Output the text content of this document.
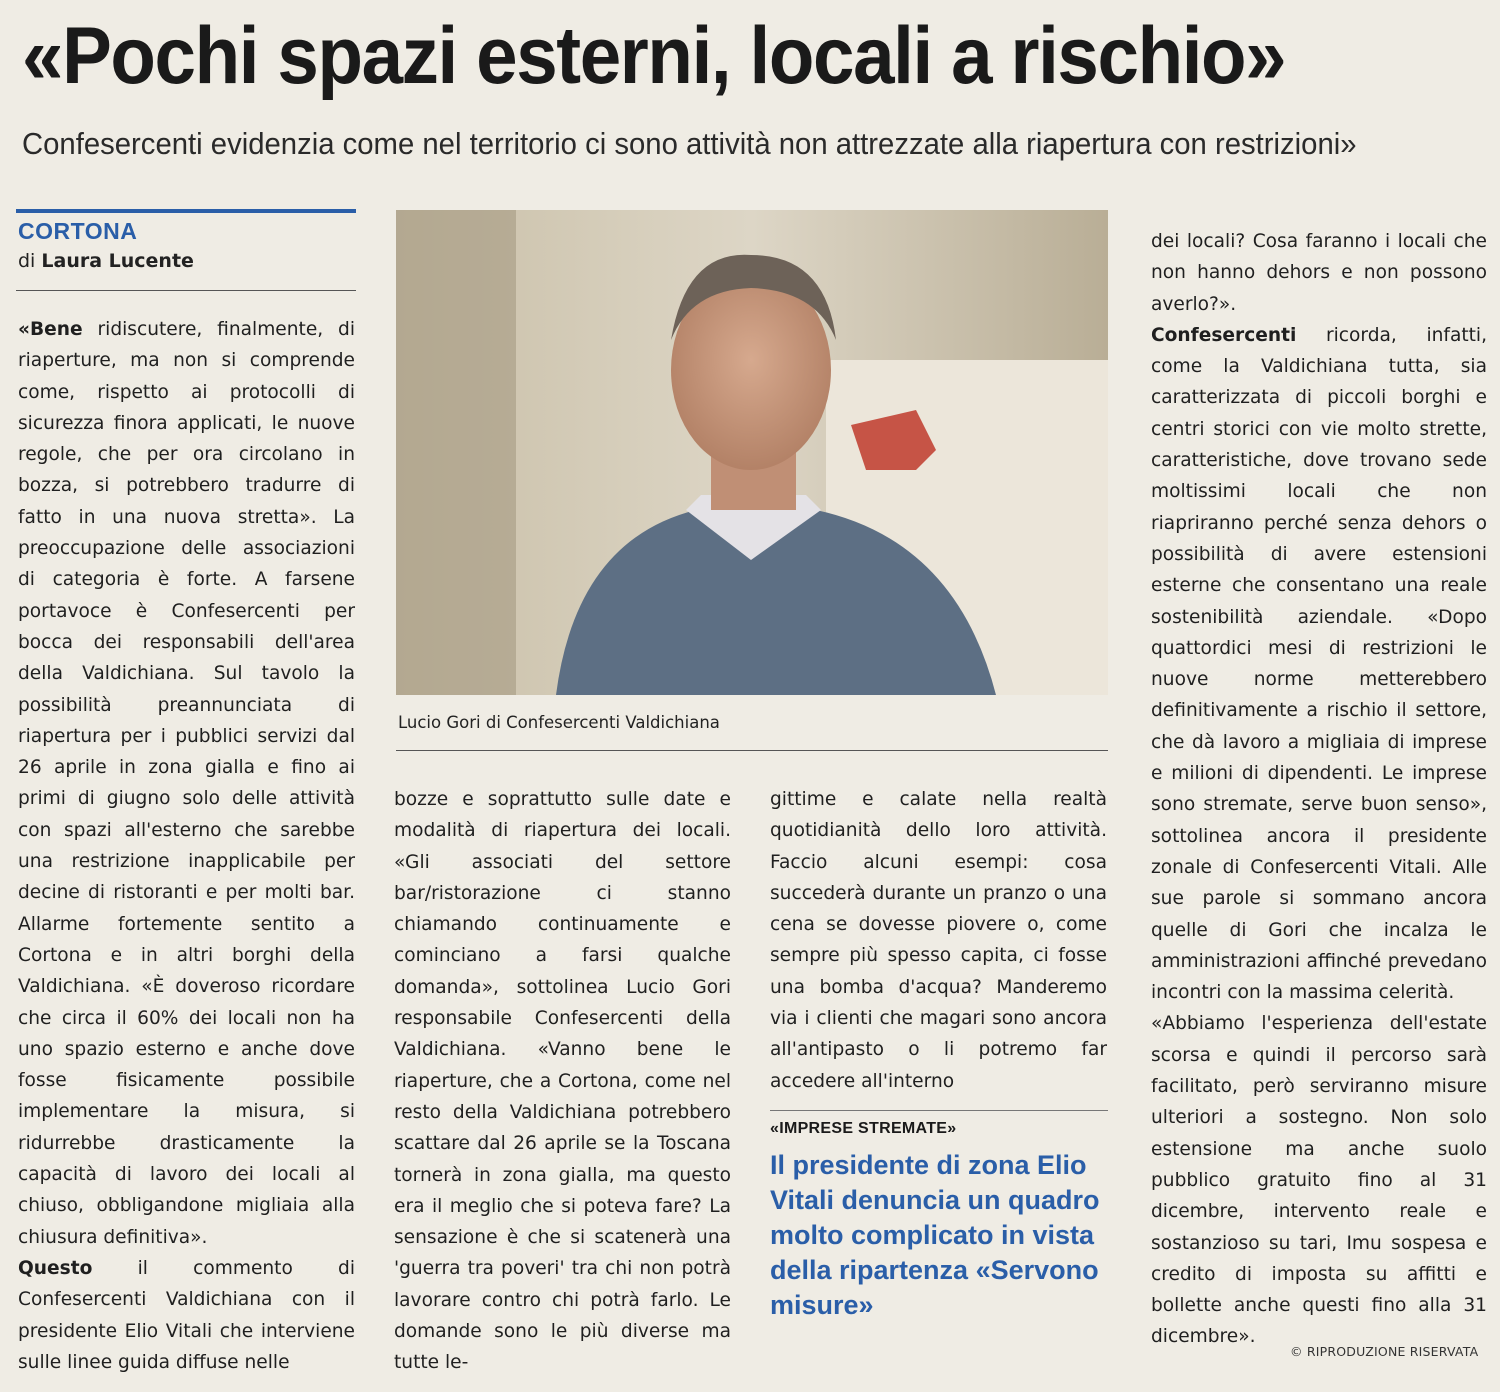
«Pochi spazi esterni, locali a rischio»
Confesercenti evidenzia come nel territorio ci sono attività non attrezzate alla riapertura con restrizioni»
CORTONA
di Laura Lucente

«Bene ridiscutere, finalmente, di riaperture, ma non si comprende come, rispetto ai protocolli di sicurezza finora applicati, le nuove regole, che per ora circolano in bozza, si potrebbero tradurre di fatto in una nuova stretta». La preoccupazione delle associazioni di categoria è forte. A farsene portavoce è Confesercenti per bocca dei responsabili dell'area della Valdichiana. Sul tavolo la possibilità preannunciata di riapertura per i pubblici servizi dal 26 aprile in zona gialla e fino ai primi di giugno solo delle attività con spazi all'esterno che sarebbe una restrizione inapplicabile per decine di ristoranti e per molti bar. Allarme fortemente sentito a Cortona e in altri borghi della Valdichiana. «È doveroso ricordare che circa il 60% dei locali non ha uno spazio esterno e anche dove fosse fisicamente possibile implementare la misura, si ridurrebbe drasticamente la capacità di lavoro dei locali al chiuso, obbligandone migliaia alla chiusura definitiva».

Questo il commento di Confesercenti Valdichiana con il presidente Elio Vitali che interviene sulle linee guida diffuse nelle

Lucio Gori di Confesercenti Valdichiana

bozze e soprattutto sulle date e modalità di riapertura dei locali. «Gli associati del settore bar/ristorazione ci stanno chiamando continuamente e cominciano a farsi qualche domanda», sottolinea Lucio Gori responsabile Confesercenti della Valdichiana. «Vanno bene le riaperture, che a Cortona, come nel resto della Valdichiana potrebbero scattare dal 26 aprile se la Toscana tornerà in zona gialla, ma questo era il meglio che si poteva fare? La sensazione è che si scatenerà una 'guerra tra poveri' tra chi non potrà lavorare contro chi potrà farlo. Le domande sono le più diverse ma tutte le-

gittime e calate nella realtà quotidianità dello loro attività. Faccio alcuni esempi: cosa succederà durante un pranzo o una cena se dovesse piovere o, come sempre più spesso capita, ci fosse una bomba d'acqua? Manderemo via i clienti che magari sono ancora all'antipasto o li potremo far accedere all'interno

«IMPRESE STREMATE»
Il presidente di zona Elio Vitali denuncia un quadro molto complicato in vista della ripartenza «Servono misure»

dei locali? Cosa faranno i locali che non hanno dehors e non possono averlo?».

Confesercenti ricorda, infatti, come la Valdichiana tutta, sia caratterizzata di piccoli borghi e centri storici con vie molto strette, caratteristiche, dove trovano sede moltissimi locali che non riapriranno perché senza dehors o possibilità di avere estensioni esterne che consentano una reale sostenibilità aziendale. «Dopo quattordici mesi di restrizioni le nuove norme metterebbero definitivamente a rischio il settore, che dà lavoro a migliaia di imprese e milioni di dipendenti. Le imprese sono stremate, serve buon senso», sottolinea ancora il presidente zonale di Confesercenti Vitali. Alle sue parole si sommano ancora quelle di Gori che incalza le amministrazioni affinché prevedano incontri con la massima celerità.

«Abbiamo l'esperienza dell'estate scorsa e quindi il percorso sarà facilitato, però serviranno misure ulteriori a sostegno. Non solo estensione ma anche suolo pubblico gratuito fino al 31 dicembre, intervento reale e sostanzioso su tari, Imu sospesa e credito di imposta su affitti e bollette anche questi fino alla 31 dicembre».

© RIPRODUZIONE RISERVATA
